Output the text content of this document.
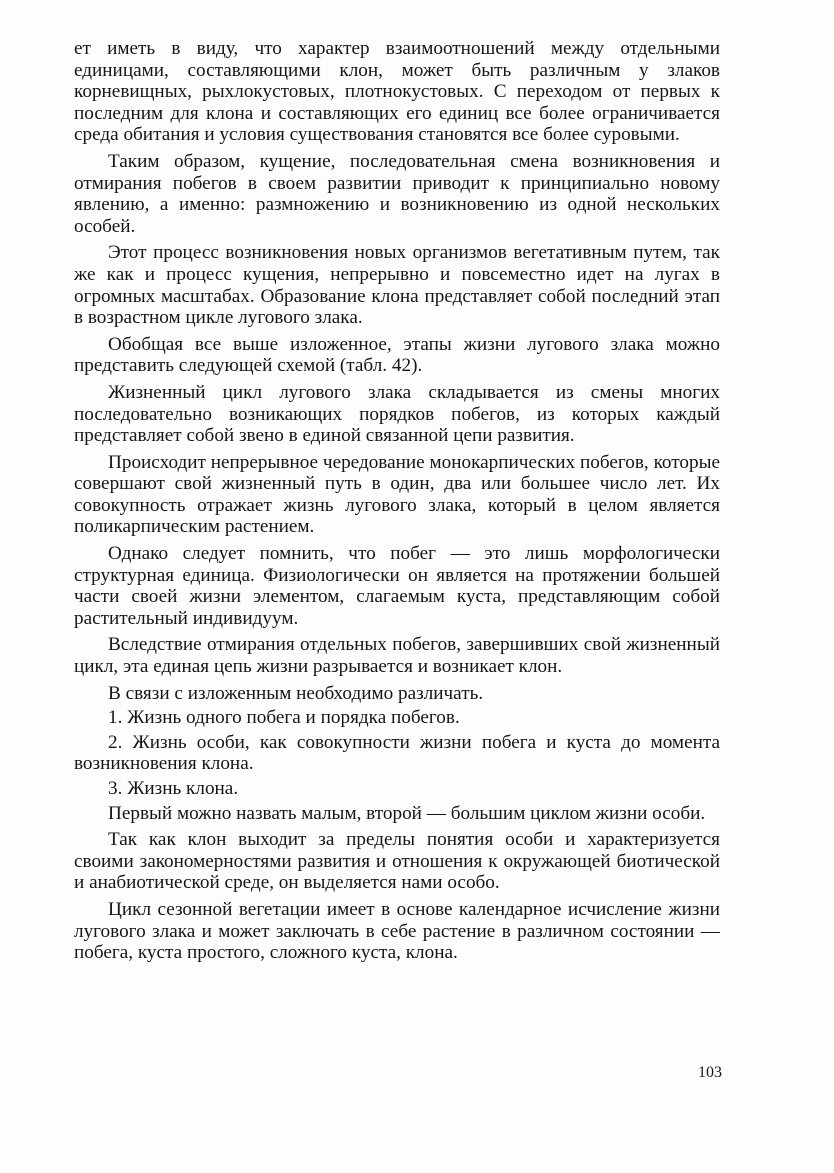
ет иметь в виду, что характер взаимоотношений между отдельными единицами, составляющими клон, может быть различным у злаков корневищных, рыхлокустовых, плотнокустовых. С переходом от первых к последним для клона и составляющих его единиц все более ограничивается среда обитания и условия существования становятся все более суровыми.

Таким образом, кущение, последовательная смена возникновения и отмирания побегов в своем развитии приводит к принципиально новому явлению, а именно: размножению и возникновению из одной нескольких особей.

Этот процесс возникновения новых организмов вегетативным путем, так же как и процесс кущения, непрерывно и повсеместно идет на лугах в огромных масштабах. Образование клона представляет собой последний этап в возрастном цикле лугового злака.

Обобщая все выше изложенное, этапы жизни лугового злака можно представить следующей схемой (табл. 42).

Жизненный цикл лугового злака складывается из смены многих последовательно возникающих порядков побегов, из которых каждый представляет собой звено в единой связанной цепи развития.

Происходит непрерывное чередование монокарпических побегов, которые совершают свой жизненный путь в один, два или большее число лет. Их совокупность отражает жизнь лугового злака, который в целом является поликарпическим растением.

Однако следует помнить, что побег — это лишь морфологически структурная единица. Физиологически он является на протяжении большей части своей жизни элементом, слагаемым куста, представляющим собой растительный индивидуум.

Вследствие отмирания отдельных побегов, завершивших свой жизненный цикл, эта единая цепь жизни разрывается и возникает клон.

В связи с изложенным необходимо различать.

1. Жизнь одного побега и порядка побегов.

2. Жизнь особи, как совокупности жизни побега и куста до момента возникновения клона.

3. Жизнь клона.

Первый можно назвать малым, второй — большим циклом жизни особи.

Так как клон выходит за пределы понятия особи и характеризуется своими закономерностями развития и отношения к окружающей биотической и анабиотической среде, он выделяется нами особо.

Цикл сезонной вегетации имеет в основе календарное исчисление жизни лугового злака и может заключать в себе растение в различном состоянии — побега, куста простого, сложного куста, клона.

103
